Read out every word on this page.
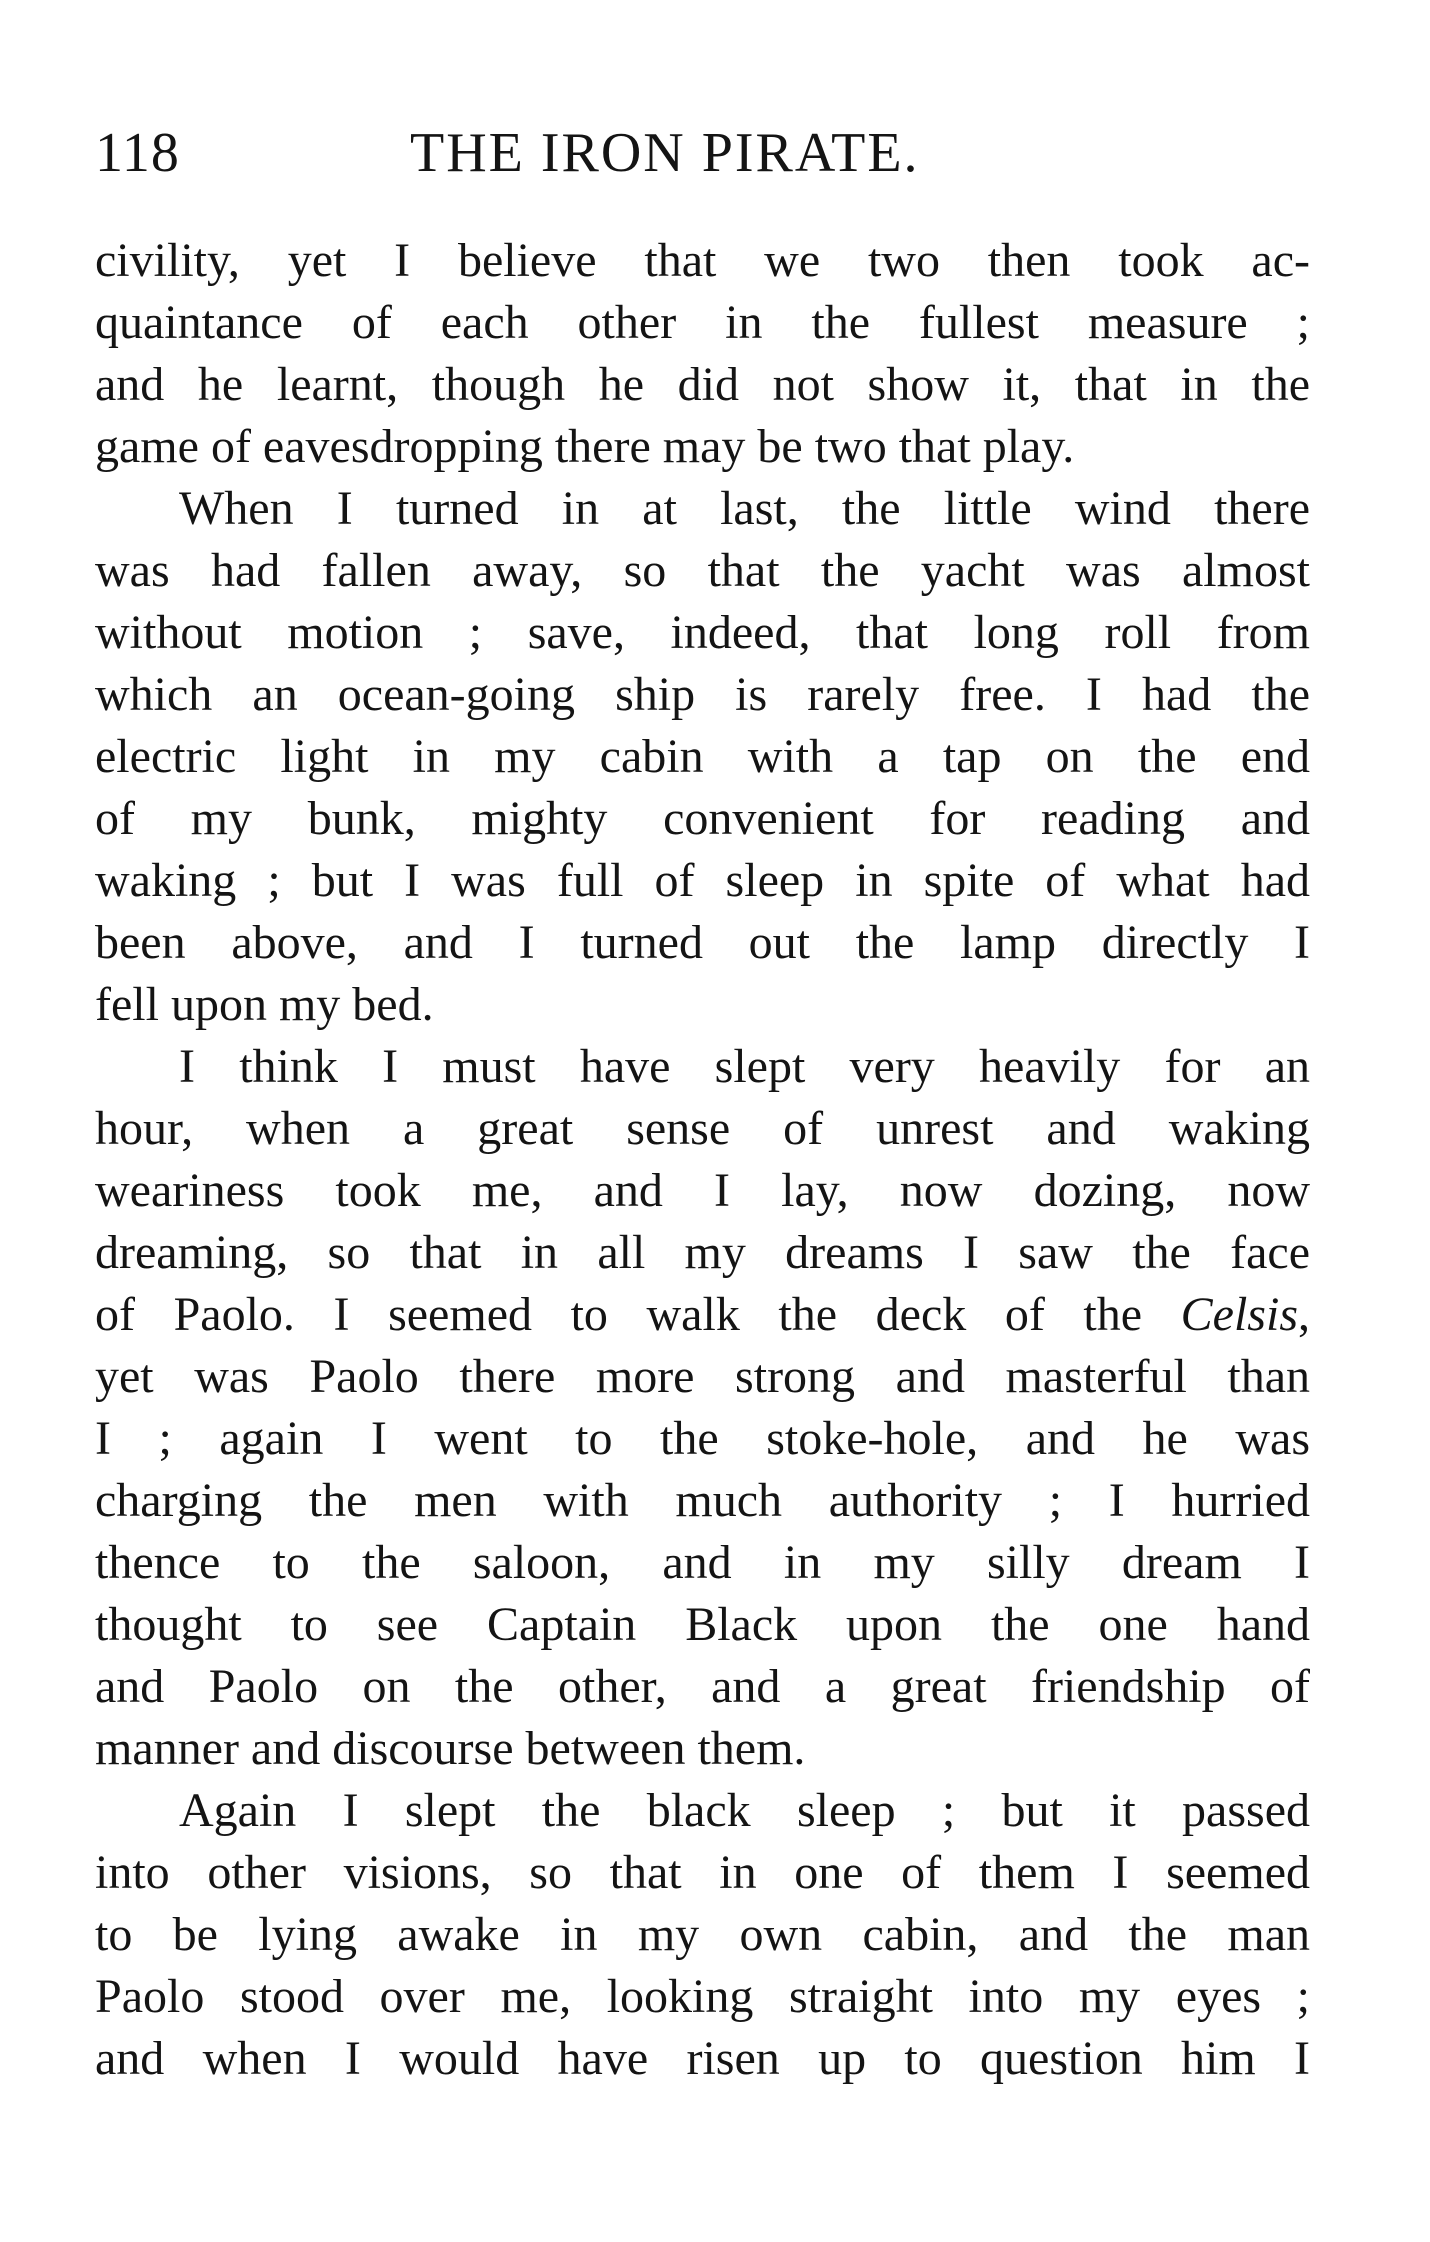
118	THE IRON PIRATE.
civility, yet I believe that we two then took ac-
quaintance of each other in the fullest measure ;
and he learnt, though he did not show it, that in the
game of eavesdropping there may be two that play.
When I turned in at last, the little wind there
was had fallen away, so that the yacht was almost
without motion ; save, indeed, that long roll from
which an ocean-going ship is rarely free. I had the
electric light in my cabin with a tap on the end
of my bunk, mighty convenient for reading and
waking ; but I was full of sleep in spite of what had
been above, and I turned out the lamp directly I
fell upon my bed.
I think I must have slept very heavily for an
hour, when a great sense of unrest and waking
weariness took me, and I lay, now dozing, now
dreaming, so that in all my dreams I saw the face
of Paolo. I seemed to walk the deck of the Celsis,
yet was Paolo there more strong and masterful than
I ; again I went to the stoke-hole, and he was
charging the men with much authority ; I hurried
thence to the saloon, and in my silly dream I
thought to see Captain Black upon the one hand
and Paolo on the other, and a great friendship of
manner and discourse between them.
Again I slept the black sleep ; but it passed
into other visions, so that in one of them I seemed
to be lying awake in my own cabin, and the man
Paolo stood over me, looking straight into my eyes ;
and when I would have risen up to question him I
